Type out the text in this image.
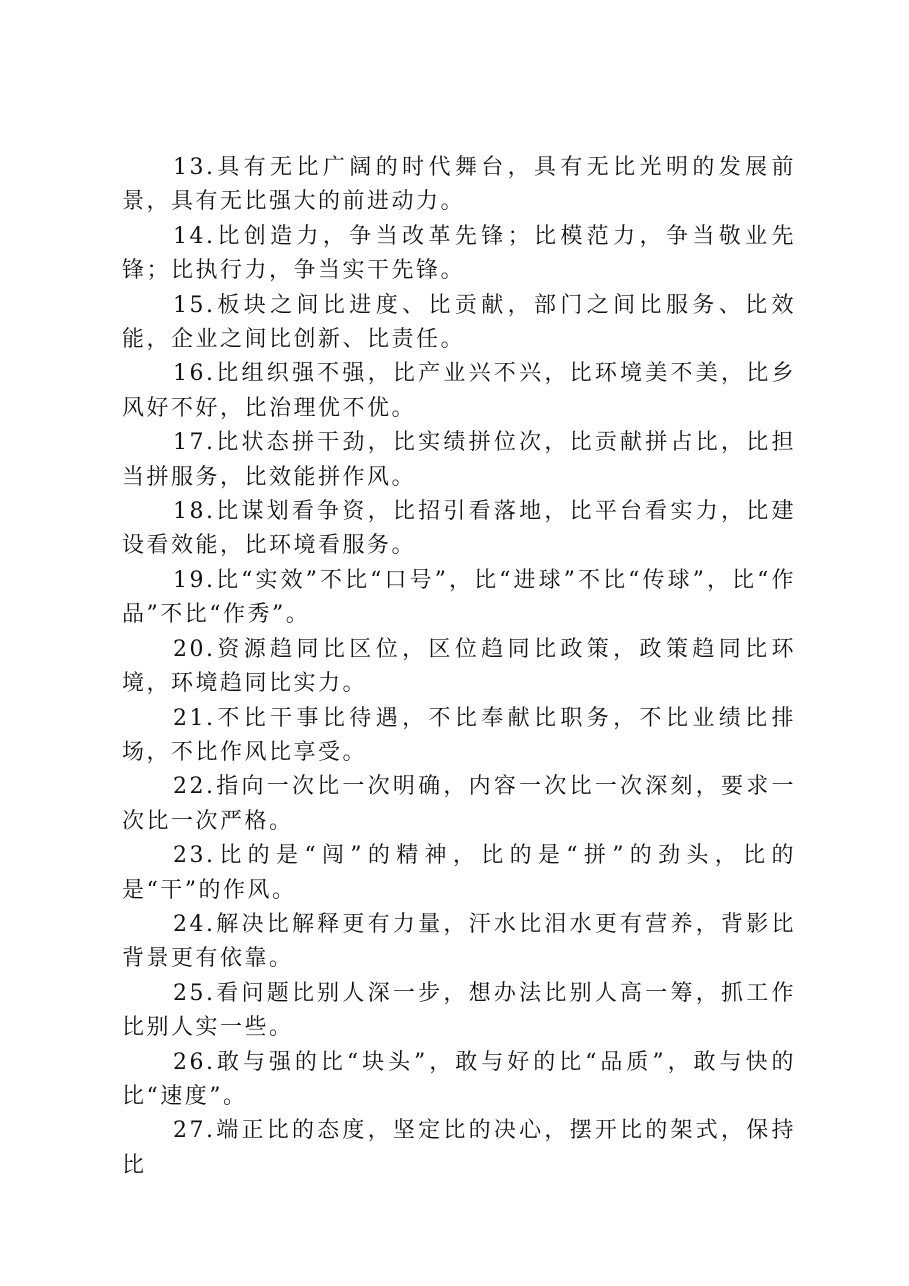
13.具有无比广阔的时代舞台，具有无比光明的发展前景，具有无比强大的前进动力。

14.比创造力，争当改革先锋；比模范力，争当敬业先锋；比执行力，争当实干先锋。

15.板块之间比进度、比贡献，部门之间比服务、比效能，企业之间比创新、比责任。

16.比组织强不强，比产业兴不兴，比环境美不美，比乡风好不好，比治理优不优。

17.比状态拼干劲，比实绩拼位次，比贡献拼占比，比担当拼服务，比效能拼作风。

18.比谋划看争资，比招引看落地，比平台看实力，比建设看效能，比环境看服务。

19.比“实效”不比“口号”，比“进球”不比“传球”，比“作品”不比“作秀”。

20.资源趋同比区位，区位趋同比政策，政策趋同比环境，环境趋同比实力。

21.不比干事比待遇，不比奉献比职务，不比业绩比排场，不比作风比享受。

22.指向一次比一次明确，内容一次比一次深刻，要求一次比一次严格。

23.比的是“闯”的精神，比的是“拼”的劲头，比的是“干”的作风。

24.解决比解释更有力量，汗水比泪水更有营养，背影比背景更有依靠。

25.看问题比别人深一步，想办法比别人高一筹，抓工作比别人实一些。

26.敢与强的比“块头”，敢与好的比“品质”，敢与快的比“速度”。

27.端正比的态度，坚定比的决心，摆开比的架式，保持比
